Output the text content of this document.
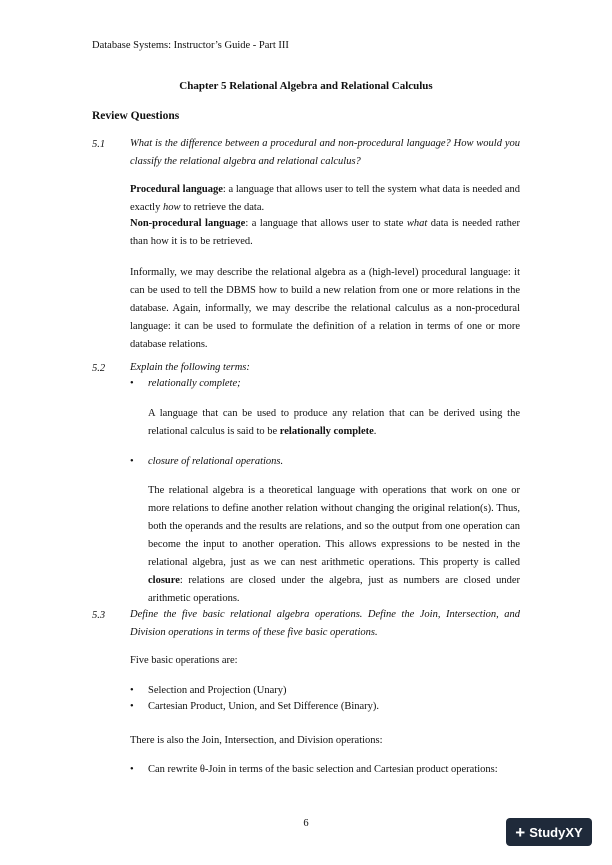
Database Systems: Instructor’s Guide - Part III
Chapter 5 Relational Algebra and Relational Calculus
Review Questions
5.1 What is the difference between a procedural and non-procedural language? How would you classify the relational algebra and relational calculus?
Procedural language: a language that allows user to tell the system what data is needed and exactly how to retrieve the data.
Non-procedural language: a language that allows user to state what data is needed rather than how it is to be retrieved.
Informally, we may describe the relational algebra as a (high-level) procedural language: it can be used to tell the DBMS how to build a new relation from one or more relations in the database. Again, informally, we may describe the relational calculus as a non-procedural language: it can be used to formulate the definition of a relation in terms of one or more database relations.
5.2 Explain the following terms:
• relationally complete;
A language that can be used to produce any relation that can be derived using the relational calculus is said to be relationally complete.
• closure of relational operations.
The relational algebra is a theoretical language with operations that work on one or more relations to define another relation without changing the original relation(s). Thus, both the operands and the results are relations, and so the output from one operation can become the input to another operation. This allows expressions to be nested in the relational algebra, just as we can nest arithmetic operations. This property is called closure: relations are closed under the algebra, just as numbers are closed under arithmetic operations.
5.3 Define the five basic relational algebra operations. Define the Join, Intersection, and Division operations in terms of these five basic operations.
Five basic operations are:
• Selection and Projection (Unary)
• Cartesian Product, Union, and Set Difference (Binary).
There is also the Join, Intersection, and Division operations:
• Can rewrite θ-Join in terms of the basic selection and Cartesian product operations:
6	+ StudyXY
